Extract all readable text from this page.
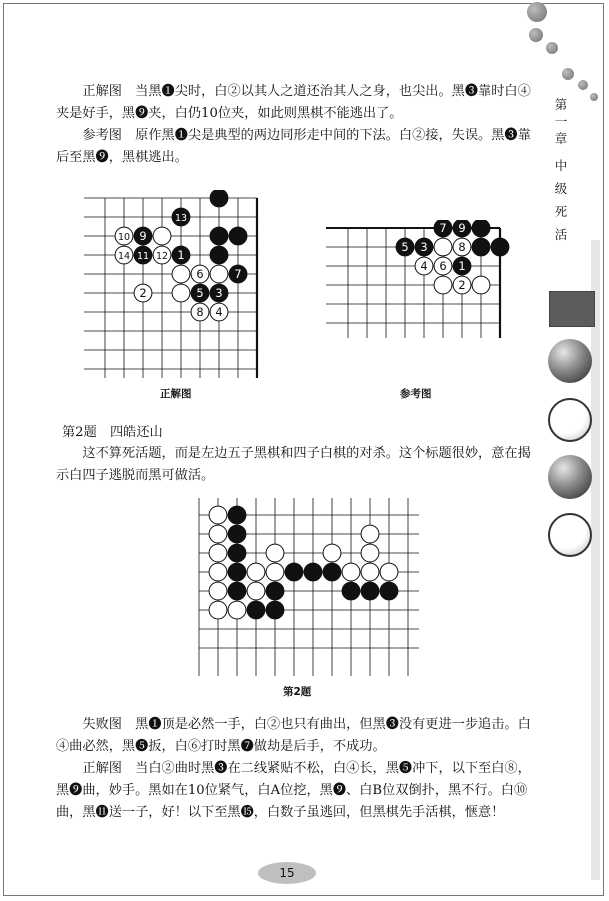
第
一
章
中
级
死
活

正解图　当黑❶尖时，白②以其人之道还治其人之身，也尖出。黑❸靠时白④夹是好手，黑❾夹，白仍10位夹，如此则黑棋不能逃出了。

参考图　原作黑❶尖是典型的两边同形走中间的下法。白②接，失误。黑❸靠后至黑❾，黑棋逃出。

13
10 9
14 11 12 1
6	7
2	5 3
8 4
7 9
5 3	8
4 6 1
2
正解图	参考图
第2题　四皓还山

这不算死活题，而是左边五子黑棋和四子白棋的对杀。这个标题很妙，意在揭示白四子逃脱而黑可做活。

第2题

失败图　黑❶顶是必然一手，白②也只有曲出，但黑❸没有更进一步追击。白④曲必然，黑❺扳，白⑥打时黑❼做劫是后手，不成功。

正解图　当白②曲时黑❸在二线紧贴不松，白④长，黑❺冲下，以下至白⑧，黑❾曲，妙手。黑如在10位紧气，白A位挖，黑❾、白B位双倒扑，黑不行。白⑩曲，黑⓫送一子，好！以下至黑⓯，白数子虽逃回，但黑棋先手活棋，惬意！

15
